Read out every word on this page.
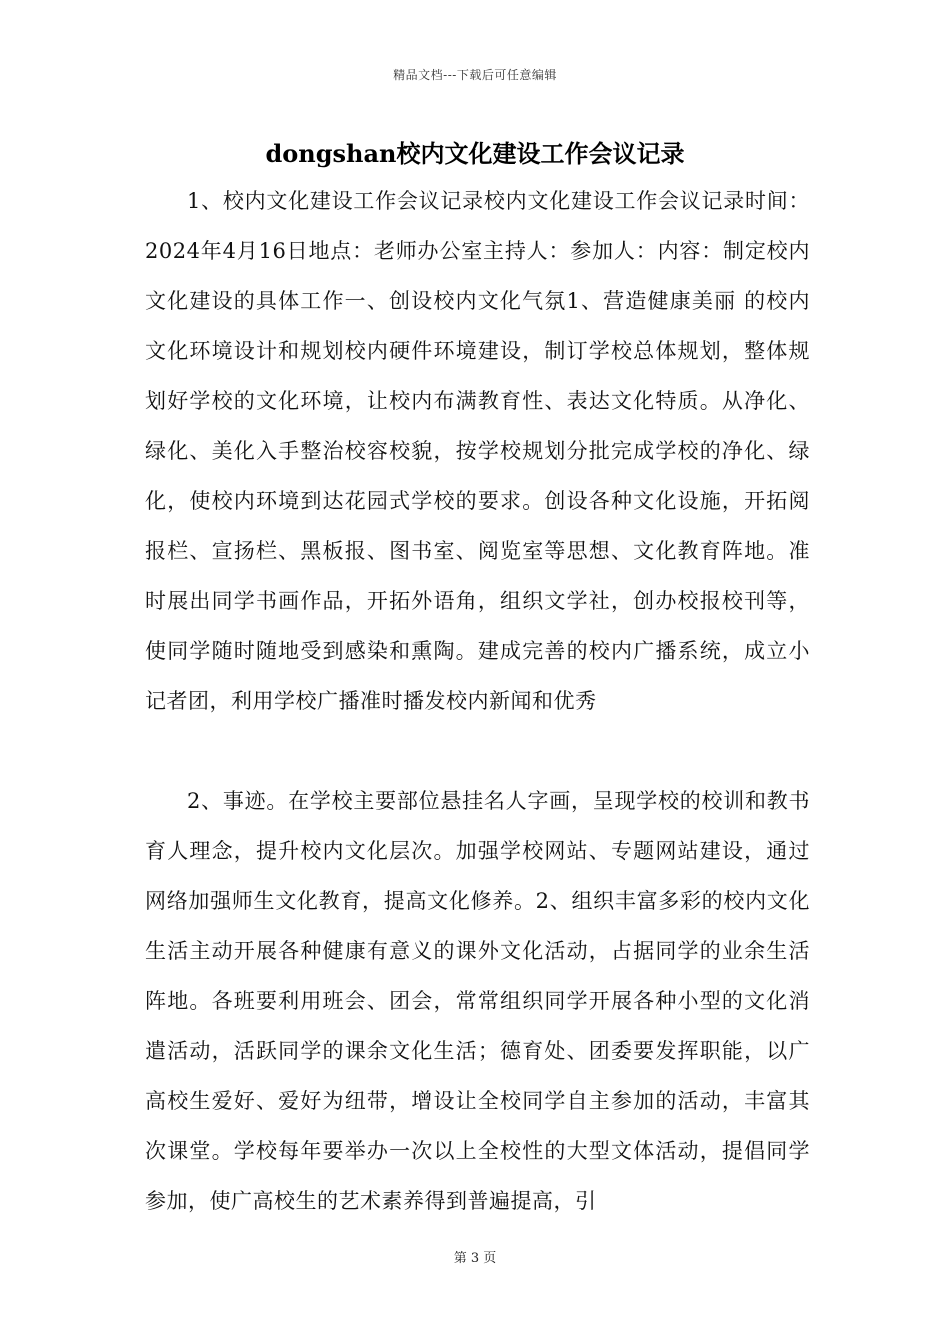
精品文档---下载后可任意编辑
dongshan校内文化建设工作会议记录

1、校内文化建设工作会议记录校内文化建设工作会议记录时间：2024年4月16日地点：老师办公室主持人：参加人：内容：制定校内文化建设的具体工作一、创设校内文化气氛1、营造健康美丽 的校内文化环境设计和规划校内硬件环境建设，制订学校总体规划，整体规划好学校的文化环境，让校内布满教育性、表达文化特质。从净化、绿化、美化入手整治校容校貌，按学校规划分批完成学校的净化、绿化，使校内环境到达花园式学校的要求。创设各种文化设施，开拓阅报栏、宣扬栏、黑板报、图书室、阅览室等思想、文化教育阵地。准时展出同学书画作品，开拓外语角，组织文学社，创办校报校刊等，使同学随时随地受到感染和熏陶。建成完善的校内广播系统，成立小记者团，利用学校广播准时播发校内新闻和优秀

2、事迹。在学校主要部位悬挂名人字画，呈现学校的校训和教书育人理念，提升校内文化层次。加强学校网站、专题网站建设，通过网络加强师生文化教育，提高文化修养。2、组织丰富多彩的校内文化生活主动开展各种健康有意义的课外文化活动，占据同学的业余生活阵地。各班要利用班会、团会，常常组织同学开展各种小型的文化消遣活动，活跃同学的课余文化生活；德育处、团委要发挥职能，以广高校生爱好、爱好为纽带，增设让全校同学自主参加的活动，丰富其次课堂。学校每年要举办一次以上全校性的大型文体活动，提倡同学参加，使广高校生的艺术素养得到普遍提高，引

第 3 页
